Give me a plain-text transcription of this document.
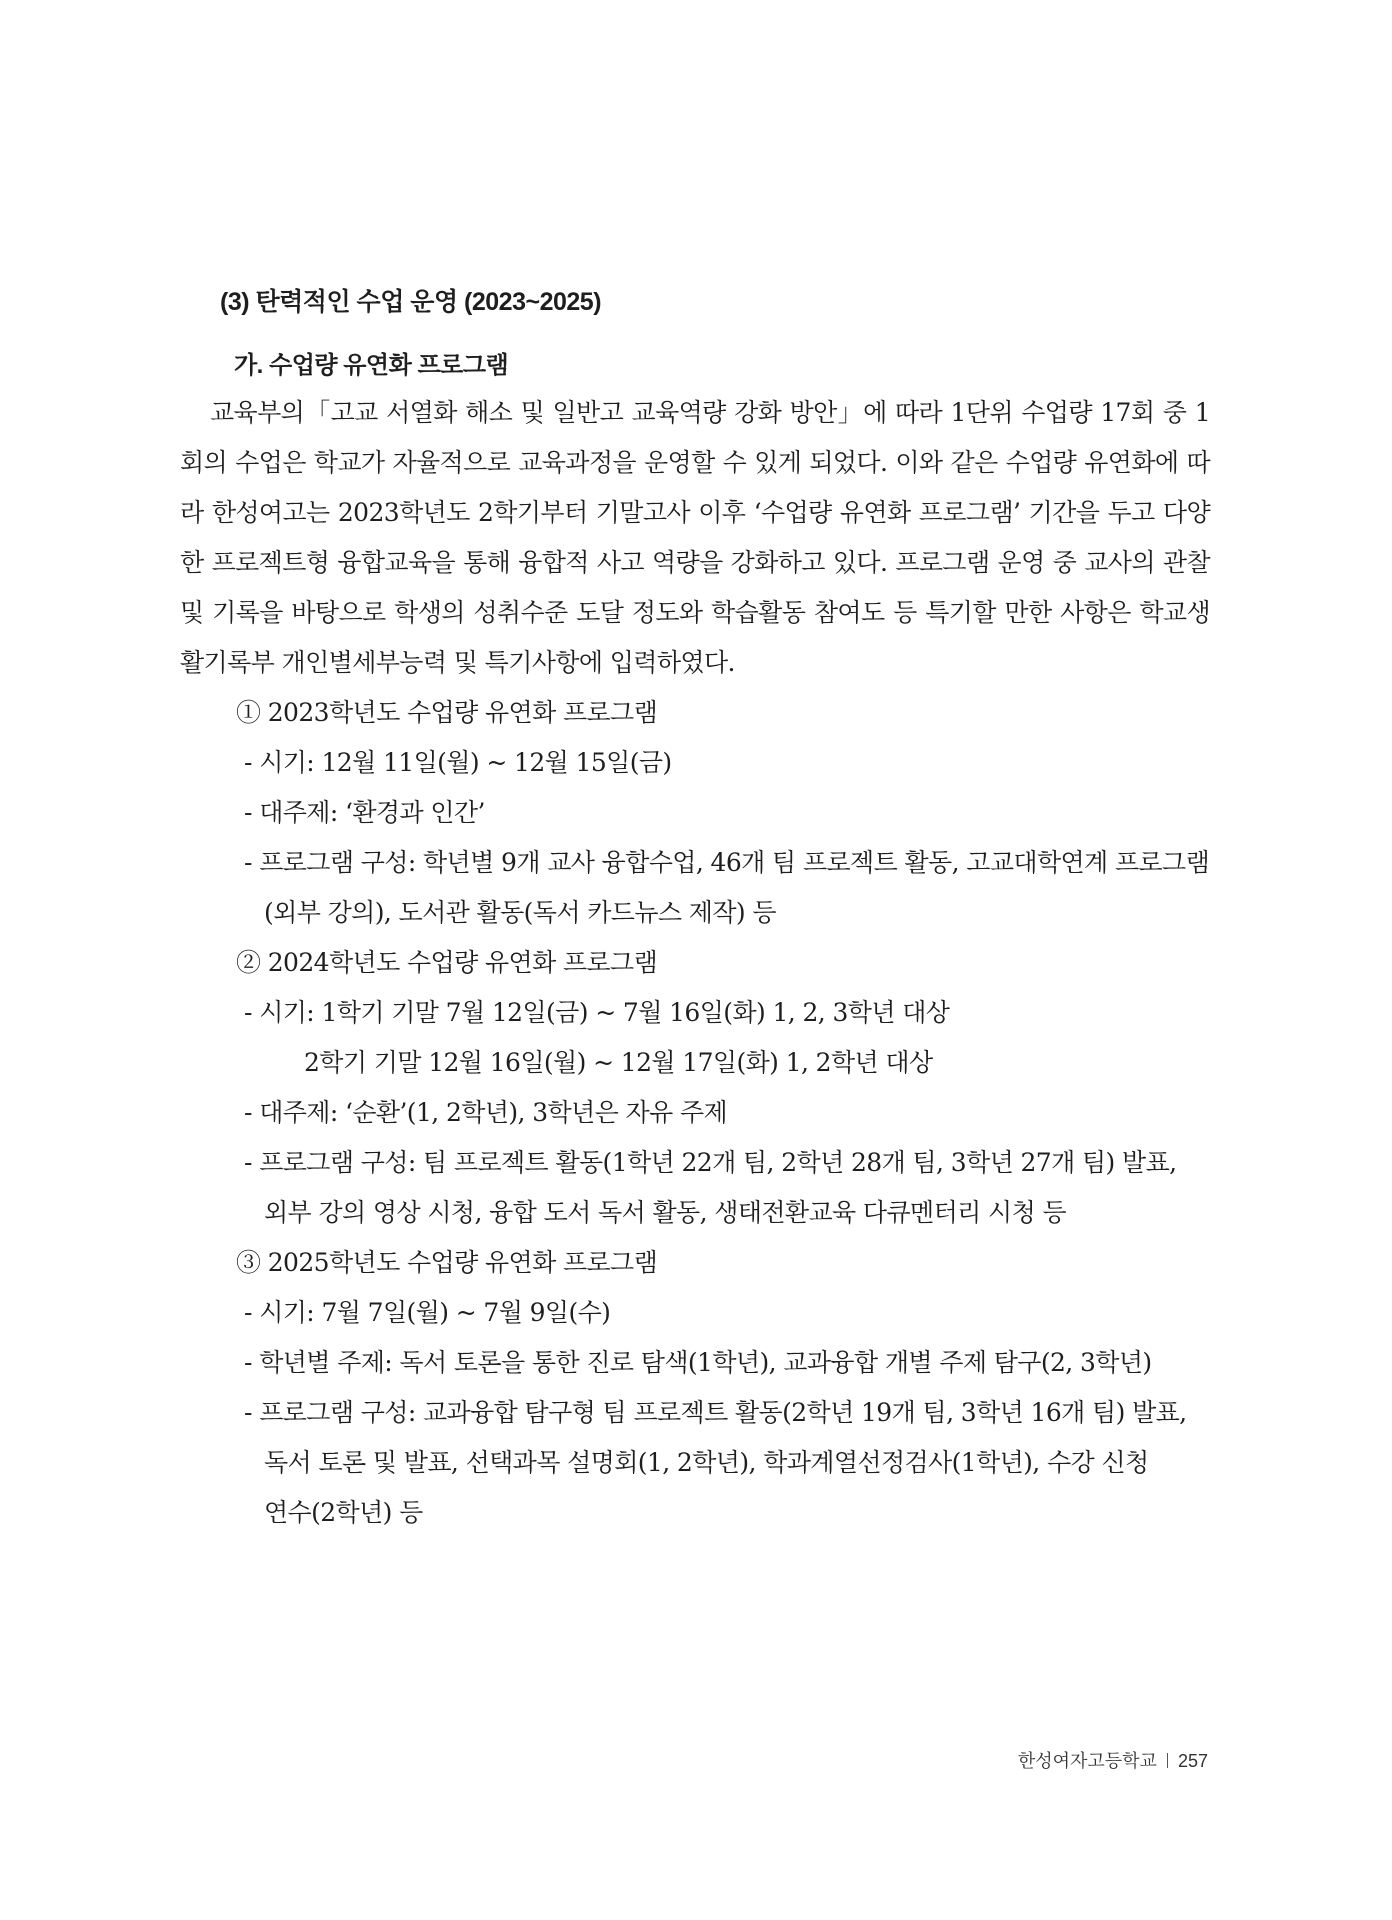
(3) 탄력적인 수업 운영 (2023~2025)
가. 수업량 유연화 프로그램

교육부의「고교 서열화 해소 및 일반고 교육역량 강화 방안」에 따라 1단위 수업량 17회 중 1회의 수업은 학교가 자율적으로 교육과정을 운영할 수 있게 되었다. 이와 같은 수업량 유연화에 따라 한성여고는 2023학년도 2학기부터 기말고사 이후 ‘수업량 유연화 프로그램’ 기간을 두고 다양한 프로젝트형 융합교육을 통해 융합적 사고 역량을 강화하고 있다. 프로그램 운영 중 교사의 관찰 및 기록을 바탕으로 학생의 성취수준 도달 정도와 학습활동 참여도 등 특기할 만한 사항은 학교생활기록부 개인별세부능력 및 특기사항에 입력하였다.

① 2023학년도 수업량 유연화 프로그램
- 시기: 12월 11일(월) ~ 12월 15일(금)
- 대주제: ‘환경과 인간’
- 프로그램 구성: 학년별 9개 교사 융합수업, 46개 팀 프로젝트 활동, 고교대학연계 프로그램
(외부 강의), 도서관 활동(독서 카드뉴스 제작) 등
② 2024학년도 수업량 유연화 프로그램
- 시기: 1학기 기말 7월 12일(금) ~ 7월 16일(화) 1, 2, 3학년 대상
2학기 기말 12월 16일(월) ~ 12월 17일(화) 1, 2학년 대상
- 대주제: ‘순환’(1, 2학년), 3학년은 자유 주제
- 프로그램 구성: 팀 프로젝트 활동(1학년 22개 팀, 2학년 28개 팀, 3학년 27개 팀) 발표,
외부 강의 영상 시청, 융합 도서 독서 활동, 생태전환교육 다큐멘터리 시청 등
③ 2025학년도 수업량 유연화 프로그램
- 시기: 7월 7일(월) ~ 7월 9일(수)
- 학년별 주제: 독서 토론을 통한 진로 탐색(1학년), 교과융합 개별 주제 탐구(2, 3학년)
- 프로그램 구성: 교과융합 탐구형 팀 프로젝트 활동(2학년 19개 팀, 3학년 16개 팀) 발표,
독서 토론 및 발표, 선택과목 설명회(1, 2학년), 학과계열선정검사(1학년), 수강 신청
연수(2학년) 등
한성여자고등학교 257
